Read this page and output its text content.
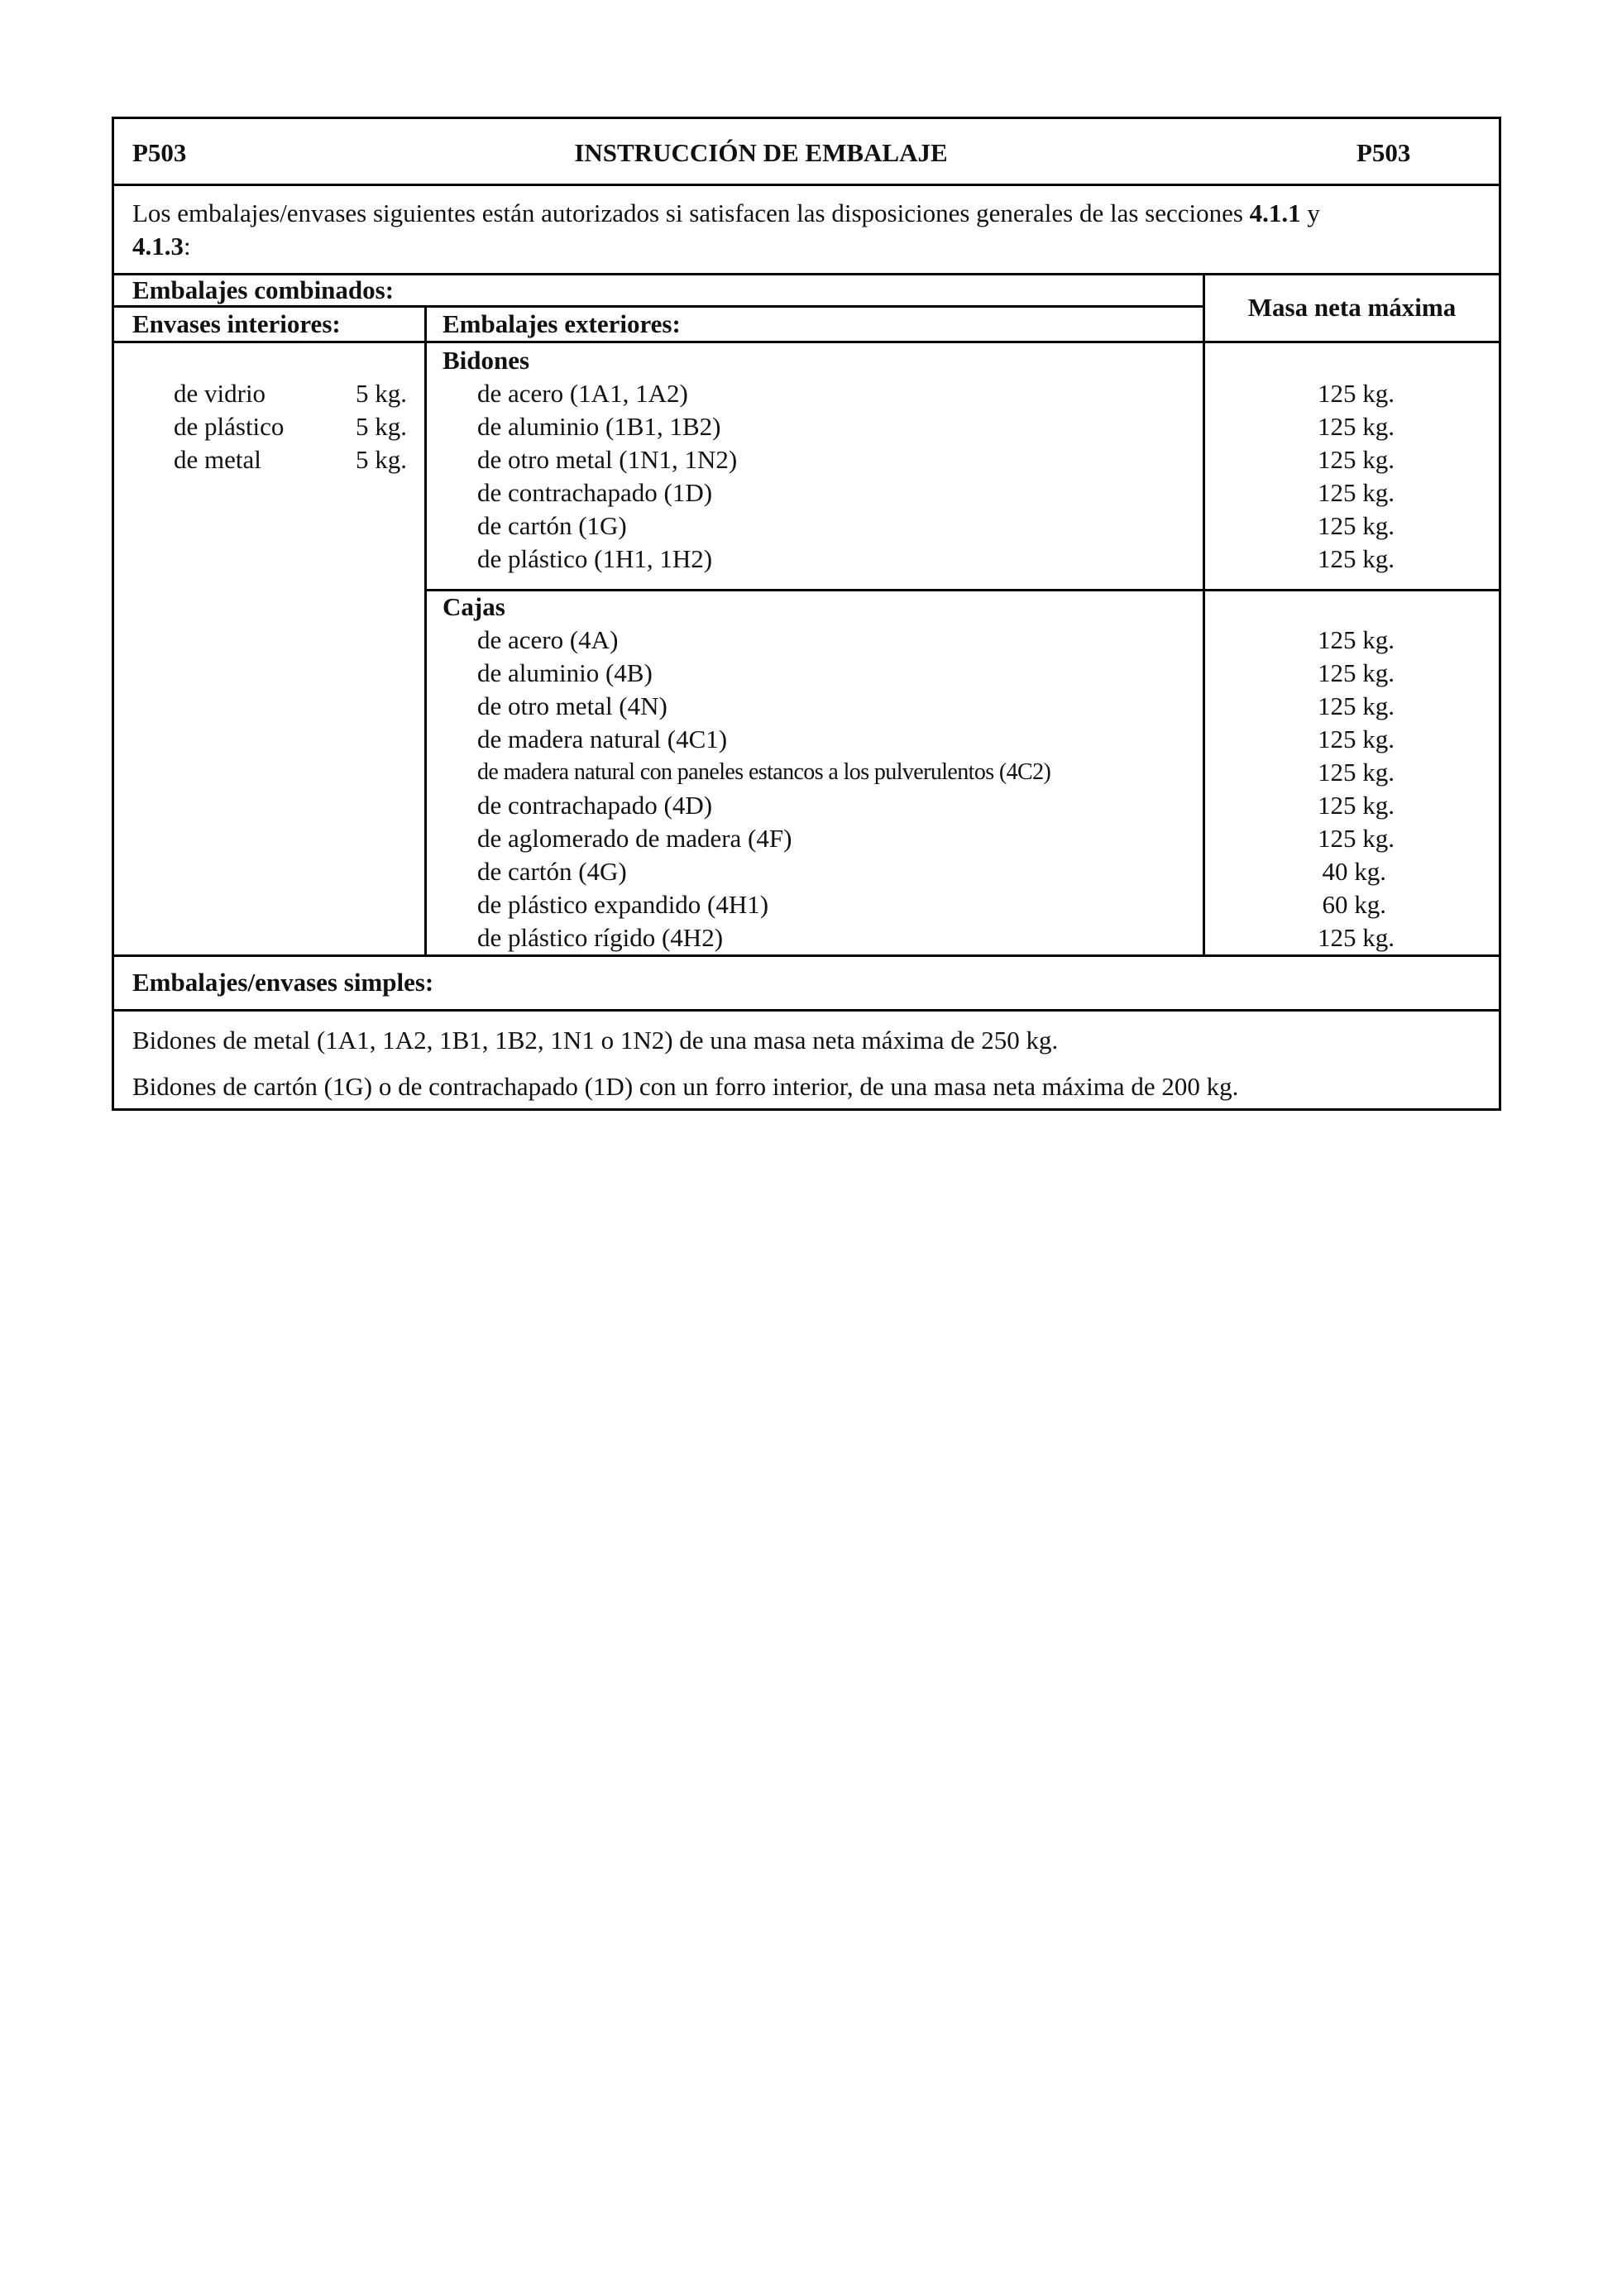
P503	INSTRUCCIÓN DE EMBALAJE	P503
Los embalajes/envases siguientes están autorizados si satisfacen las disposiciones generales de las secciones 4.1.1 y
4.1.3:
Embalajes combinados:
Envases interiores:	Embalajes exteriores:
Masa neta máxima
de vidrio	5 kg.
de plástico	5 kg.
de metal	5 kg.
Bidones
de acero (1A1, 1A2)	125 kg.
de aluminio (1B1, 1B2)	125 kg.
de otro metal (1N1, 1N2)	125 kg.
de contrachapado (1D)	125 kg.
de cartón (1G)	125 kg.
de plástico (1H1, 1H2)	125 kg.
Cajas
de acero (4A)	125 kg.
de aluminio (4B)	125 kg.
de otro metal (4N)	125 kg.
de madera natural (4C1)	125 kg.
de madera natural con paneles estancos a los pulverulentos (4C2)	125 kg.
de contrachapado (4D)	125 kg.
de aglomerado de madera (4F)	125 kg.
de cartón (4G)	40 kg.
de plástico expandido (4H1)	60 kg.
de plástico rígido (4H2)	125 kg.
Embalajes/envases simples:
Bidones de metal (1A1, 1A2, 1B1, 1B2, 1N1 o 1N2) de una masa neta máxima de 250 kg.
Bidones de cartón (1G) o de contrachapado (1D) con un forro interior, de una masa neta máxima de 200 kg.
